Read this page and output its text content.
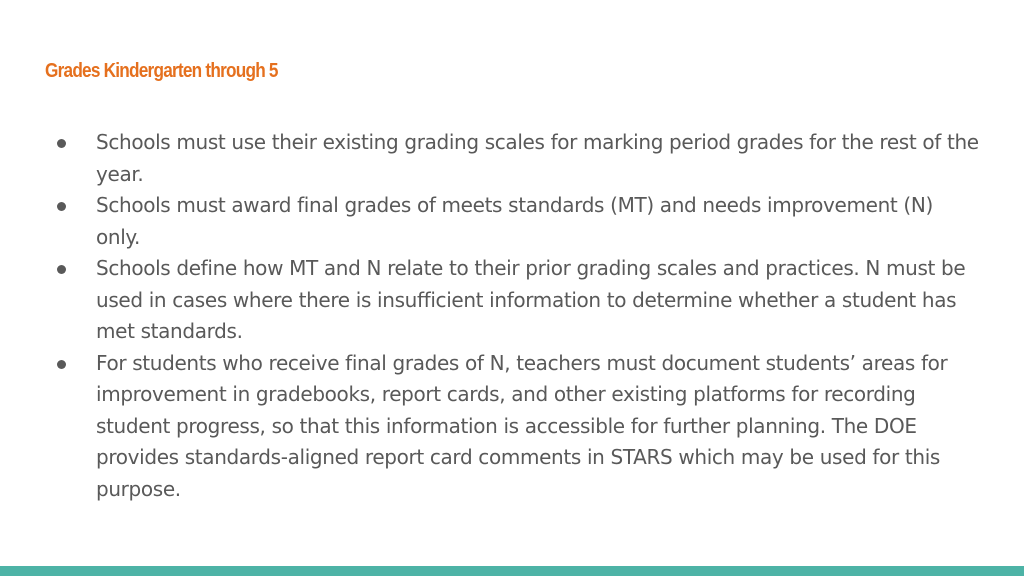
Grades Kindergarten through 5
Schools must use their existing grading scales for marking period grades for the rest of the year.
Schools must award final grades of meets standards (MT) and needs improvement (N) only.
Schools define how MT and N relate to their prior grading scales and practices. N must be used in cases where there is insufficient information to determine whether a student has met standards.
For students who receive final grades of N, teachers must document students’ areas for improvement in gradebooks, report cards, and other existing platforms for recording student progress, so that this information is accessible for further planning. The DOE provides standards-aligned report card comments in STARS which may be used for this purpose.
